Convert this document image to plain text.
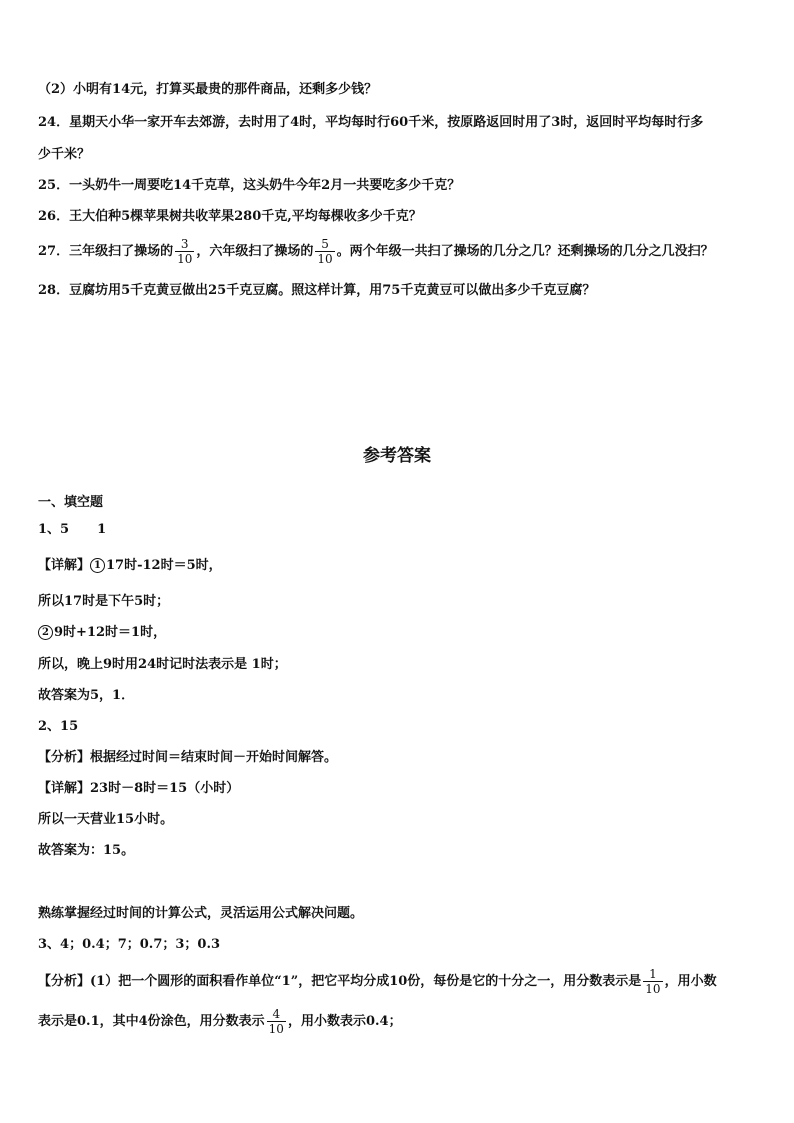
（2）小明有14元，打算买最贵的那件商品，还剩多少钱？
24．星期天小华一家开车去郊游，去时用了4时，平均每时行60千米，按原路返回时用了3时，返回时平均每时行多
少千米？
25．一头奶牛一周要吃14千克草，这头奶牛今年2月一共要吃多少千克？
26．王大伯种5棵苹果树共收苹果280千克,平均每棵收多少千克？
27．三年级扫了操场的 $\frac{3}{10}$ ，六年级扫了操场的 $\frac{5}{10}$ 。两个年级一共扫了操场的几分之几？还剩操场的几分之几没扫？
28．豆腐坊用5千克黄豆做出25千克豆腐。照这样计算，用75千克黄豆可以做出多少千克豆腐？
参考答案
一、填空题
1、5 1
【详解】 1 17时-12时＝5时，
所以17时是下午5时；
2 9时+12时＝1时，
所以，晚上9时用24时记时法表示是 1时；
故答案为5，1．
2、15
【分析】根据经过时间＝结束时间－开始时间解答。
【详解】23时－8时＝15（小时）
所以一天营业15小时。
故答案为：15。
熟练掌握经过时间的计算公式，灵活运用公式解决问题。
3、4；0.4；7；0.7；3；0.3
【分析】(1）把一个圆形的面积看作单位“1”，把它平均分成10份，每份是它的十分之一，用分数表示是 $\frac{1}{10}$ ，用小数
表示是0.1，其中4份涂色，用分数表示 $\frac{4}{10}$ ，用小数表示0.4；
